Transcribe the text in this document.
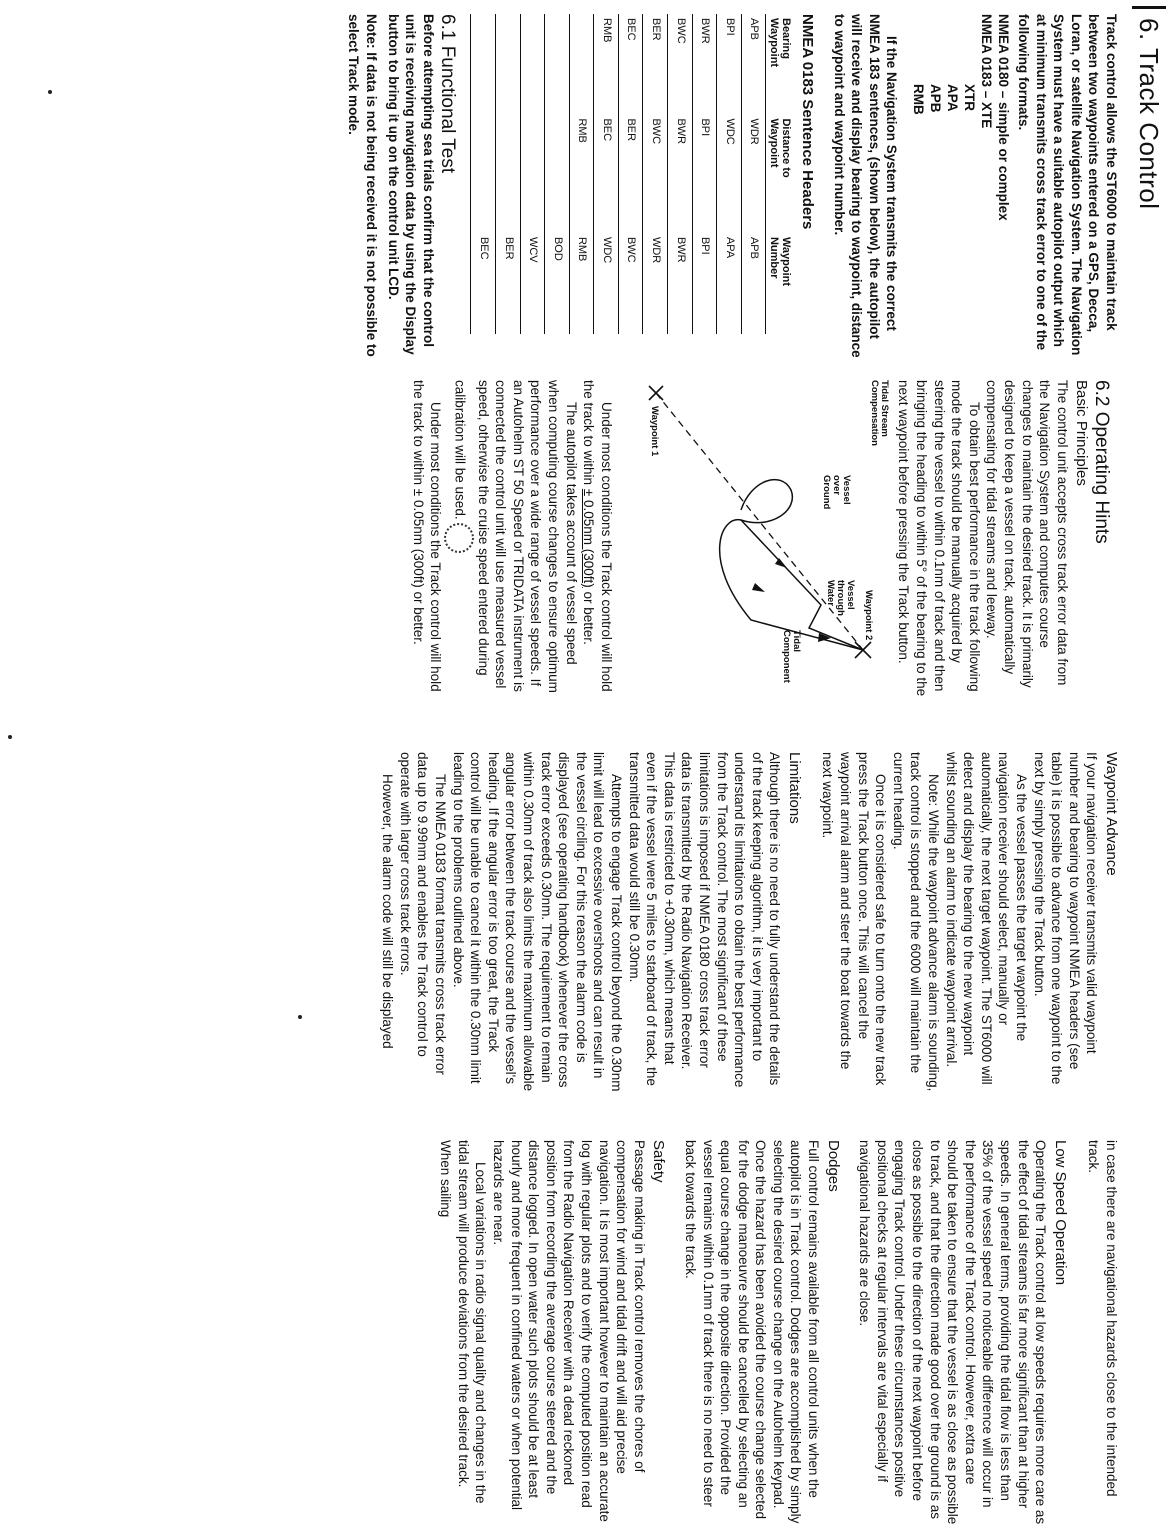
6. Track Control

Track control allows the ST6000 to maintain track between two waypoints entered on a GPS, Decca, Loran, or satellite Navigation System. The Navigation System must have a suitable autopilot output which at minimum transmits cross track error to one of the following formats.

NMEA 0180 – simple or complex
NMEA 0183 – XTE
XTR
APA
APB
RMB

If the Navigation System transmits the correct NMEA 183 sentences, (shown below), the autopilot will receive and display bearing to waypoint, distance to waypoint and waypoint number.

NMEA 0183 Sentence Headers
Bearing Waypoint	Distance to Waypoint	Waypoint Number
APB	WDR	APB
BPI	WDC	APA
BWR	BPI	BPI
BWC	BWR	BWR
BER	BWC	WDR
BEC	BER	BWC
RMB	BEC	WDC
	RMB	RMB
		BOD
		WCV
		BER
		BEC
6.1 Functional Test

Before attempting sea trials confirm that the control unit is receiving navigation data by using the Display button to bring it up on the control unit LCD.

Note: If data is not being received it is not possible to select Track mode.

6.2 Operating Hints
Basic Principles

The control unit accepts cross track error data from the Navigation System and computes course changes to maintain the desired track. It is primarily designed to keep a vessel on track, automatically compensating for tidal streams and leeway.

To obtain best performance in the track following mode the track should be manually acquired by steering the vessel to within 0.1nm of track and then bringing the heading to within 5° of the bearing to the next waypoint before pressing the Track button.

Waypoint 2
Waypoint 1	Tidal Stream Compensation
Vessel over Ground
Vessel through Water
Tidal Component

Under most conditions the Track control will hold the track to within ± 0.05nm (300ft) or better.

The autopilot takes account of vessel speed when computing course changes to ensure optimum performance over a wide range of vessel speeds. If an Autohelm ST 50 Speed or TRIDATA instrument is connected the control unit will use measured vessel speed, otherwise the cruise speed entered during calibration will be used.

Under most conditions the Track control will hold the track to within ± 0.05nm (300ft) or better.

Waypoint Advance

If your navigation receiver transmits valid waypoint number and bearing to waypoint NMEA headers (see table) it is possible to advance from one waypoint to the next by simply pressing the Track button.

As the vessel passes the target waypoint the navigation receiver should select, manually or automatically, the next target waypoint. The ST6000 will detect and display the bearing to the new waypoint whilst sounding an alarm to indicate waypoint arrival.

Note: While the waypoint advance alarm is sounding, track control is stopped and the 6000 will maintain the current heading.

Once it is considered safe to turn onto the new track press the Track button once. This will cancel the waypoint arrival alarm and steer the boat towards the next waypoint.

Limitations

Although there is no need to fully understand the details of the track keeping algorithm, it is very important to understand its limitations to obtain the best performance from the Track control. The most significant of these limitations is imposed if NMEA 0180 cross track error data is transmitted by the Radio Navigation Receiver. This data is restricted to +0.30nm, which means that even if the vessel were 5 miles to starboard of track, the transmitted data would still be 0.30nm.

Attempts to engage Track control beyond the 0.30nm limit will lead to excessive overshoots and can result in the vessel circling. For this reason the alarm code is displayed (see operating handbook) whenever the cross track error exceeds 0.30nm. The requirement to remain within 0.30nm of track also limits the maximum allowable angular error between the track course and the vessel's heading. If the angular error is too great, the Track control will be unable to cancel it within the 0.30nm limit leading to the problems outlined above.

The NMEA 0183 format transmits cross track error data up to 9.99nm and enables the Track control to operate with larger cross track errors.

However, the alarm code will still be displayed

in case there are navigational hazards close to the intended track.

Low Speed Operation

Operating the Track control at low speeds requires more care as the effect of tidal streams is far more significant than at higher speeds. In general terms, providing the tidal flow is less than 35% of the vessel speed no noticeable difference will occur in the performance of the Track control. However, extra care should be taken to ensure that the vessel is as close as possible to track, and that the direction made good over the ground is as close as possible to the direction of the next waypoint before engaging Track control. Under these circumstances positive positional checks at regular intervals are vital especially if navigational hazards are close.

Dodges

Full control remains available from all control units when the autopilot is in Track control. Dodges are accomplished by simply selecting the desired course change on the Autohelm keypad. Once the hazard has been avoided the course change selected for the dodge manoeuvre should be cancelled by selecting an equal course change in the opposite direction. Provided the vessel remains within 0.1nm of track there is no need to steer back towards the track.

Safety

Passage making in Track control removes the chores of compensation for wind and tidal drift and will aid precise navigation. It is most important however to maintain an accurate log with regular plots and to verify the computed position read from the Radio Navigation Receiver with a dead reckoned position from recording the average course steered and the distance logged. In open water such plots should be at least hourly and more frequent in confined waters or when potential hazards are near.

Local variations in radio signal quality and changes in the tidal stream will produce deviations from the desired track. When sailing
